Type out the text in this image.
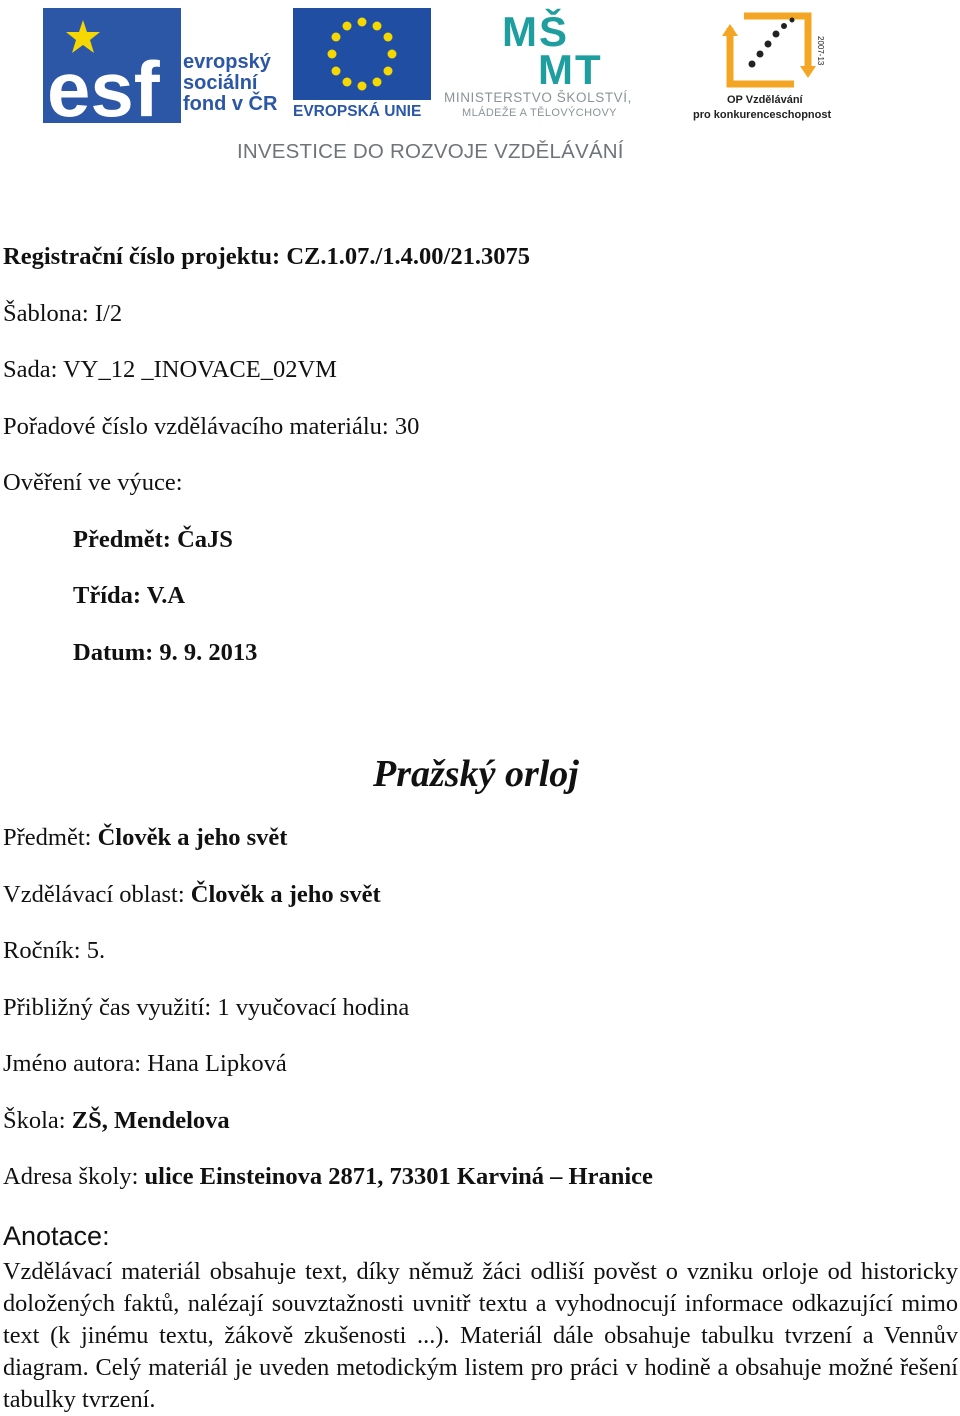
esf evropský
sociální
fond v ČR EVROPSKÁ UNIE
MŠ
MT
MINISTERSTVO ŠKOLSTVÍ,
MLÁDEŽE A TĚLOVÝCHOVY
2007-13
OP Vzdělávání
pro konkurenceschopnost
INVESTICE DO ROZVOJE VZDĚLÁVÁNÍ
Registrační číslo projektu: CZ.1.07./1.4.00/21.3075
Šablona: I/2
Sada: VY_12 _INOVACE_02VM
Pořadové číslo vzdělávacího materiálu: 30
Ověření ve výuce:
Předmět: ČaJS
Třída: V.A
Datum: 9. 9. 2013
Pražský orloj
Předmět: Člověk a jeho svět
Vzdělávací oblast: Člověk a jeho svět
Ročník: 5.
Přibližný čas využití: 1 vyučovací hodina
Jméno autora: Hana Lipková
Škola: ZŠ, Mendelova
Adresa školy: ulice Einsteinova 2871, 73301 Karviná – Hranice
Anotace:
Vzdělávací materiál obsahuje text, díky němuž žáci odliší pověst o vzniku orloje od historicky doložených faktů, nalézají souvztažnosti uvnitř textu a vyhodnocují informace odkazující mimo text (k jinému textu, žákově zkušenosti ...). Materiál dále obsahuje tabulku tvrzení a Vennův diagram. Celý materiál je uveden metodickým listem pro práci v hodině a obsahuje možné řešení tabulky tvrzení.
